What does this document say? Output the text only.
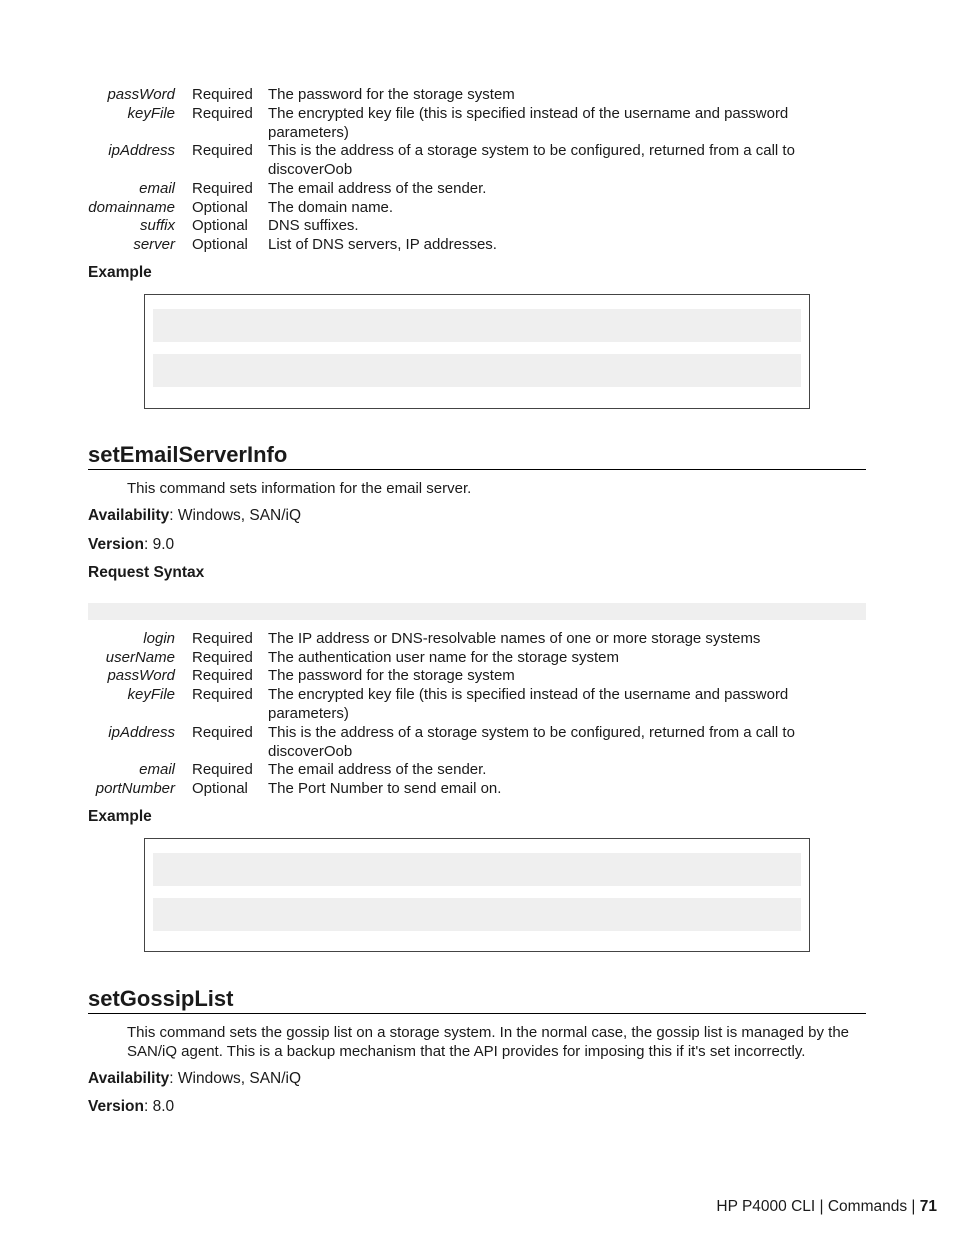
passWord Required The password for the storage system
keyFile Required The encrypted key file (this is specified instead of the username and password parameters)
ipAddress Required This is the address of a storage system to be configured, returned from a call to discoverOob
email Required The email address of the sender.
domainname Optional The domain name.
suffix Optional DNS suffixes.
server Optional List of DNS servers, IP addresses.
Example
setEmailServerInfo
This command sets information for the email server.
Availability: Windows, SAN/iQ
Version: 9.0
Request Syntax
login Required The IP address or DNS-resolvable names of one or more storage systems
userName Required The authentication user name for the storage system
passWord Required The password for the storage system
keyFile Required The encrypted key file (this is specified instead of the username and password parameters)
ipAddress Required This is the address of a storage system to be configured, returned from a call to discoverOob
email Required The email address of the sender.
portNumber Optional The Port Number to send email on.
Example
setGossipList
This command sets the gossip list on a storage system. In the normal case, the gossip list is managed by the SAN/iQ agent. This is a backup mechanism that the API provides for imposing this if it's set incorrectly.
Availability: Windows, SAN/iQ
Version: 8.0
HP P4000 CLI | Commands | 71
